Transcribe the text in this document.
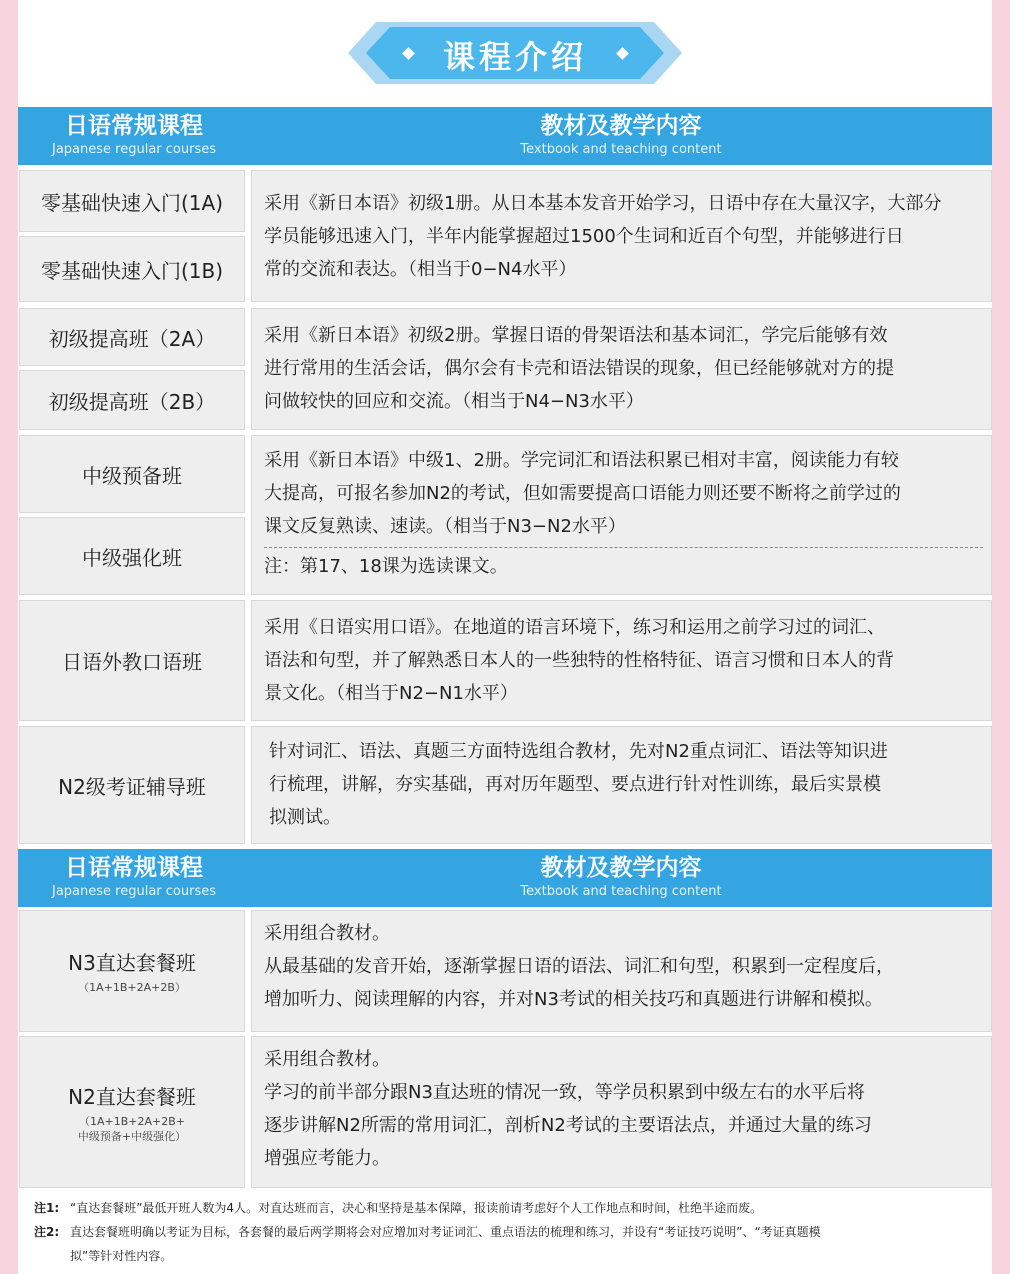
课程介绍
日语常规课程
Japanese regular courses
教材及教学内容
Textbook and teaching content
零基础快速入门(1A)
零基础快速入门(1B)
采用《新日本语》初级1册。从日本基本发音开始学习，日语中存在大量汉字，大部分
学员能够迅速入门，半年内能掌握超过1500个生词和近百个句型，并能够进行日
常的交流和表达。（相当于0−N4水平）
初级提高班（2A）
初级提高班（2B）
采用《新日本语》初级2册。掌握日语的骨架语法和基本词汇，学完后能够有效
进行常用的生活会话，偶尔会有卡壳和语法错误的现象，但已经能够就对方的提
问做较快的回应和交流。（相当于N4−N3水平）
中级预备班
中级强化班
采用《新日本语》中级1、2册。学完词汇和语法积累已相对丰富，阅读能力有较
大提高，可报名参加N2的考试，但如需要提高口语能力则还要不断将之前学过的
课文反复熟读、速读。（相当于N3−N2水平）
注：第17、18课为选读课文。
日语外教口语班
采用《日语实用口语》。在地道的语言环境下，练习和运用之前学习过的词汇、
语法和句型，并了解熟悉日本人的一些独特的性格特征、语言习惯和日本人的背
景文化。（相当于N2−N1水平）
N2级考证辅导班
针对词汇、语法、真题三方面特选组合教材，先对N2重点词汇、语法等知识进
行梳理，讲解，夯实基础，再对历年题型、要点进行针对性训练，最后实景模
拟测试。
日语常规课程
Japanese regular courses
教材及教学内容
Textbook and teaching content
N3直达套餐班
（1A+1B+2A+2B）
采用组合教材。
从最基础的发音开始，逐渐掌握日语的语法、词汇和句型，积累到一定程度后，
增加听力、阅读理解的内容，并对N3考试的相关技巧和真题进行讲解和模拟。
N2直达套餐班
（1A+1B+2A+2B+
中级预备+中级强化）
采用组合教材。
学习的前半部分跟N3直达班的情况一致，等学员积累到中级左右的水平后将
逐步讲解N2所需的常用词汇，剖析N2考试的主要语法点，并通过大量的练习
增强应考能力。
注1: “直达套餐班”最低开班人数为4人。对直达班而言，决心和坚持是基本保障，报读前请考虑好个人工作地点和时间，杜绝半途而废。
注2: 直达套餐班明确以考证为目标，各套餐的最后两学期将会对应增加对考证词汇、重点语法的梳理和练习，并设有“考证技巧说明”、“考证真题模
拟”等针对性内容。
